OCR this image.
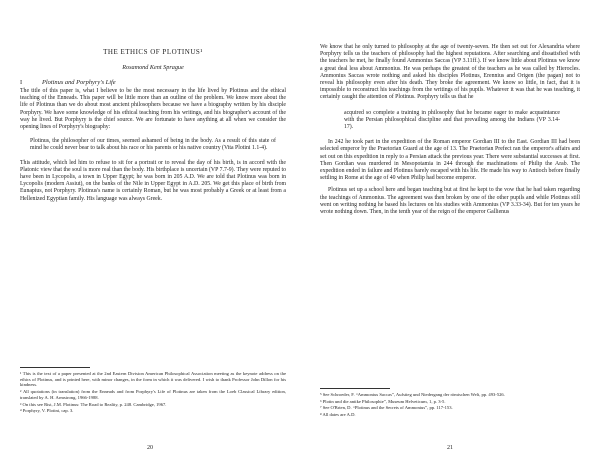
THE ETHICS OF PLOTINUS¹
Rosamond Kent Sprague
I	Plotinus and Porphyry's Life

The title of this paper is, what I believe to be the most necessary in the life lived by Plotinus and the ethical teaching of the Enneads. This paper will be little more than an outline of the problem. We know more about the life of Plotinus than we do about most ancient philosophers because we have a biography written by his disciple Porphyry. We have some knowledge of his ethical teaching from his writings, and his biographer's account of the way he lived. But Porphyry is the chief source. We are fortunate to have anything at all when we consider the opening lines of Porphyry's biography:

Plotinus, the philosopher of our times, seemed ashamed of being in the body. As a result of this state of mind he could never bear to talk about his race or his parents or his native country (Vita Plotini 1.1-4).

This attitude, which led him to refuse to sit for a portrait or to reveal the day of his birth, is in accord with the Platonic view that the soul is more real than the body. His birthplace is uncertain (VP 7.7-9). They were reputed to have been in Lycopolis, a town in Upper Egypt; he was born in 205 A.D. We are told that Plotinus was born in Lycopolis (modern Assiut), on the banks of the Nile in Upper Egypt in A.D. 205. We get this place of birth from Eunapius, not Porphyry. Plotinus's name is certainly Roman, but he was most probably a Greek or at least from a Hellenized Egyptian family. His language was always Greek.

¹ This is the text of a paper presented at the 2nd Eastern Division American Philosophical Association meeting as the keynote address on the ethics of Plotinus, and is printed here, with minor changes, in the form in which it was delivered. I wish to thank Professor John Dillon for his kindness.
² All quotations (in translation) from the Enneads and from Porphyry's Life of Plotinus are taken from the Loeb Classical Library edition, translated by A. H. Armstrong, 1966-1988.
³ On this see Rist, J.M. Plotinus: The Road to Reality, p. 248. Cambridge, 1967.
⁴ Porphyry, V. Plotini, cap. 3.
20

We know that he only turned to philosophy at the age of twenty-seven. He then set out for Alexandria where Porphyry tells us the teachers of philosophy had the highest reputations. After searching and dissatisfied with the teachers he met, he finally found Ammonius Saccas (VP 3.11ff.). If we know little about Plotinus we know a great deal less about Ammonius. He was perhaps the greatest of the teachers as he was called by Hierocles. Ammonius Saccas wrote nothing and asked his disciples Plotinus, Erennius and Origen (the pagan) not to reveal his philosophy even after his death. They broke the agreement. We know so little, in fact, that it is impossible to reconstruct his teachings from the writings of his pupils. Whatever it was that he was teaching, it certainly caught the attention of Plotinus. Porphyry tells us that he

acquired so complete a training in philosophy that he became eager to make acquaintance with the Persian philosophical discipline and that prevailing among the Indians (VP 3.14-17).

In 242 he took part in the expedition of the Roman emperor Gordian III to the East. Gordian III had been selected emperor by the Praetorian Guard at the age of 13. The Praetorian Prefect ran the emperor's affairs and set out on this expedition in reply to a Persian attack the previous year. There were substantial successes at first. Then Gordian was murdered in Mesopotamia in 244 through the machinations of Philip the Arab. The expedition ended in failure and Plotinus barely escaped with his life. He made his way to Antioch before finally settling in Rome at the age of 40 when Philip had become emperor.

Plotinus set up a school here and began teaching but at first he kept to the vow that he had taken regarding the teachings of Ammonius. The agreement was then broken by one of the other pupils and while Plotinus still went on writing nothing he based his lectures on his studies with Ammonius (VP 3.33-34). But for ten years he wrote nothing down. Then, in the tenth year of the reign of the emperor Gallienus

⁵ See Schroeder, F. “Ammonius Saccas”, Aufstieg und Niedergang der römischen Welt, pp. 493-526.
⁶ Plotin und die antike Philosophie”, Museum Helveticum, 1, p. 3-5.
⁷ See O'Brien, D. “Plotinus and the Secrets of Ammonius”, pp. 117-153.
⁸ All dates are A.D.
21
